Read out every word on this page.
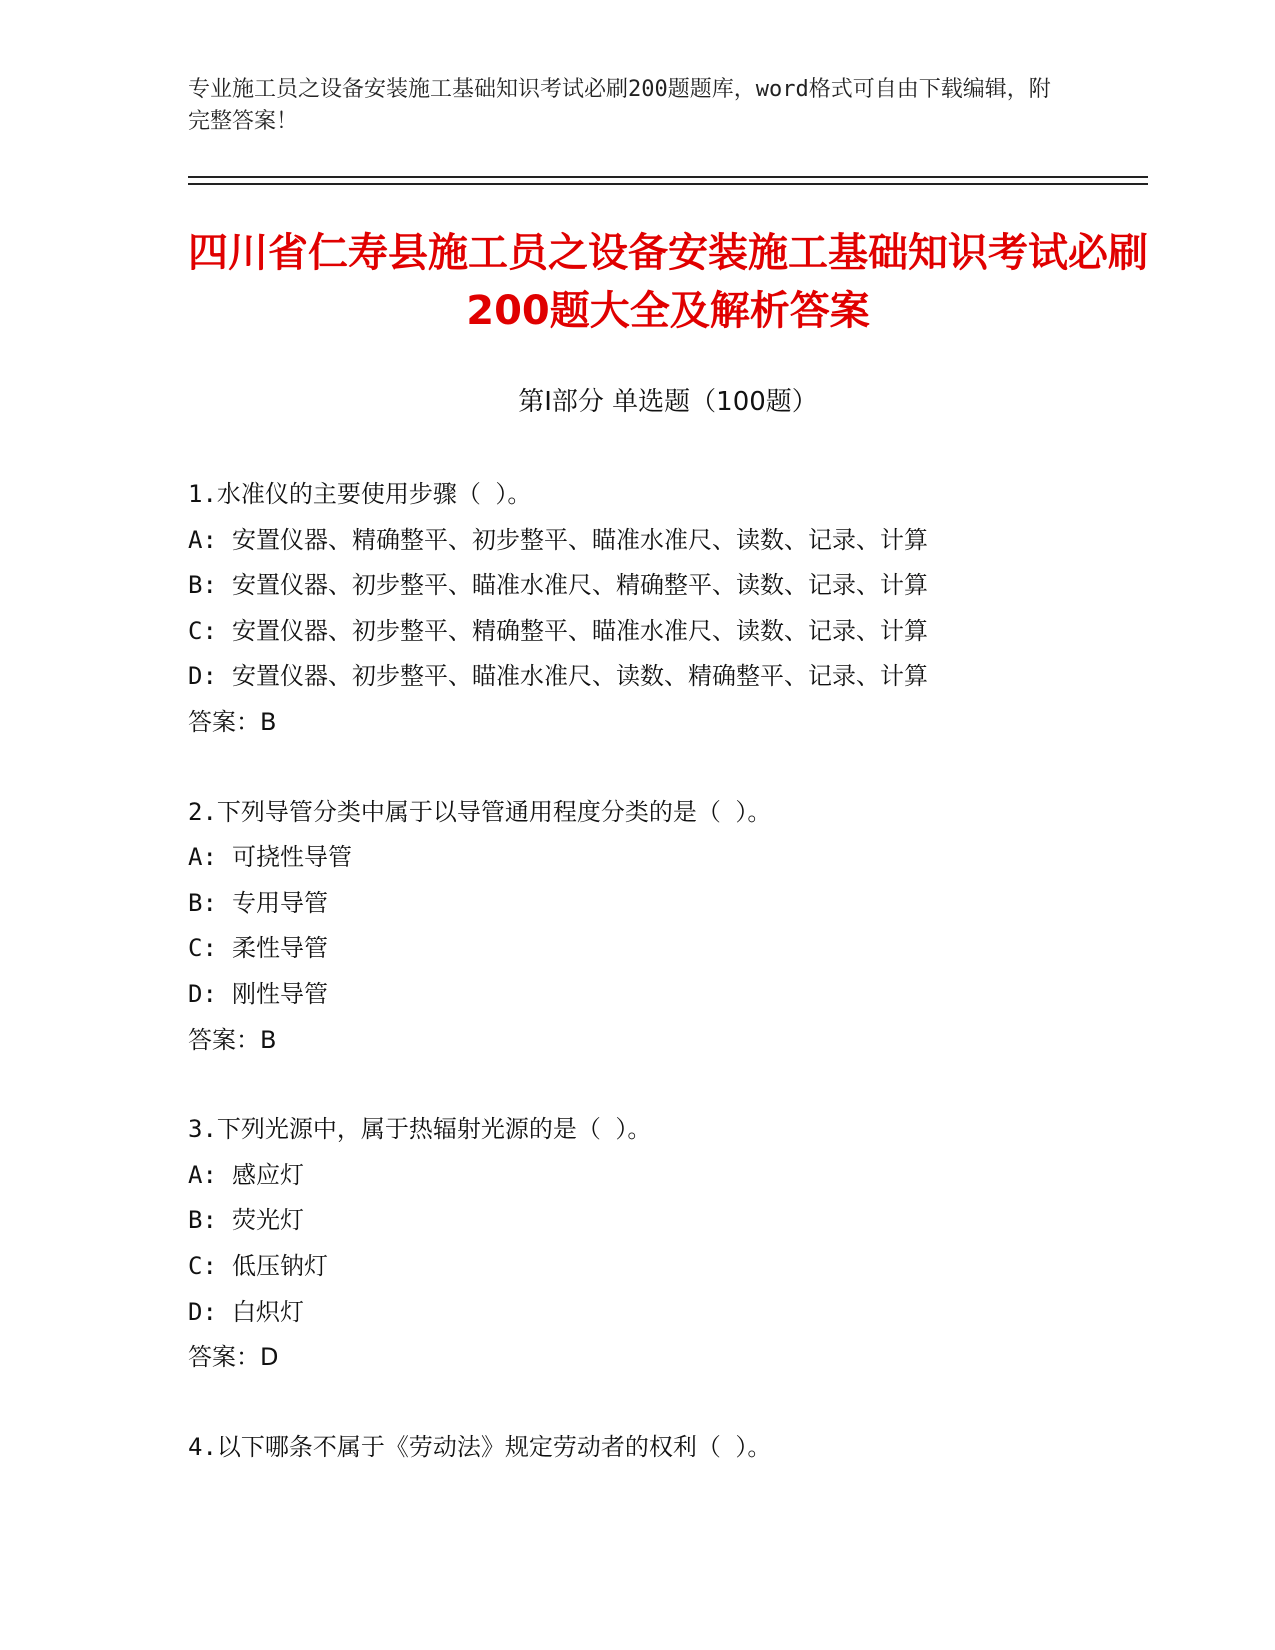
专业施工员之设备安装施工基础知识考试必刷200题题库，word格式可自由下载编辑，附完整答案！
四川省仁寿县施工员之设备安装施工基础知识考试必刷200题大全及解析答案
第Ⅰ部分 单选题（100题）
1.水准仪的主要使用步骤（ ）。
A: 安置仪器、精确整平、初步整平、瞄准水准尺、读数、记录、计算
B: 安置仪器、初步整平、瞄准水准尺、精确整平、读数、记录、计算
C: 安置仪器、初步整平、精确整平、瞄准水准尺、读数、记录、计算
D: 安置仪器、初步整平、瞄准水准尺、读数、精确整平、记录、计算
答案：B
2.下列导管分类中属于以导管通用程度分类的是（ ）。
A: 可挠性导管
B: 专用导管
C: 柔性导管
D: 刚性导管
答案：B
3.下列光源中，属于热辐射光源的是（ ）。
A: 感应灯
B: 荧光灯
C: 低压钠灯
D: 白炽灯
答案：D
4.以下哪条不属于《劳动法》规定劳动者的权利（ ）。
